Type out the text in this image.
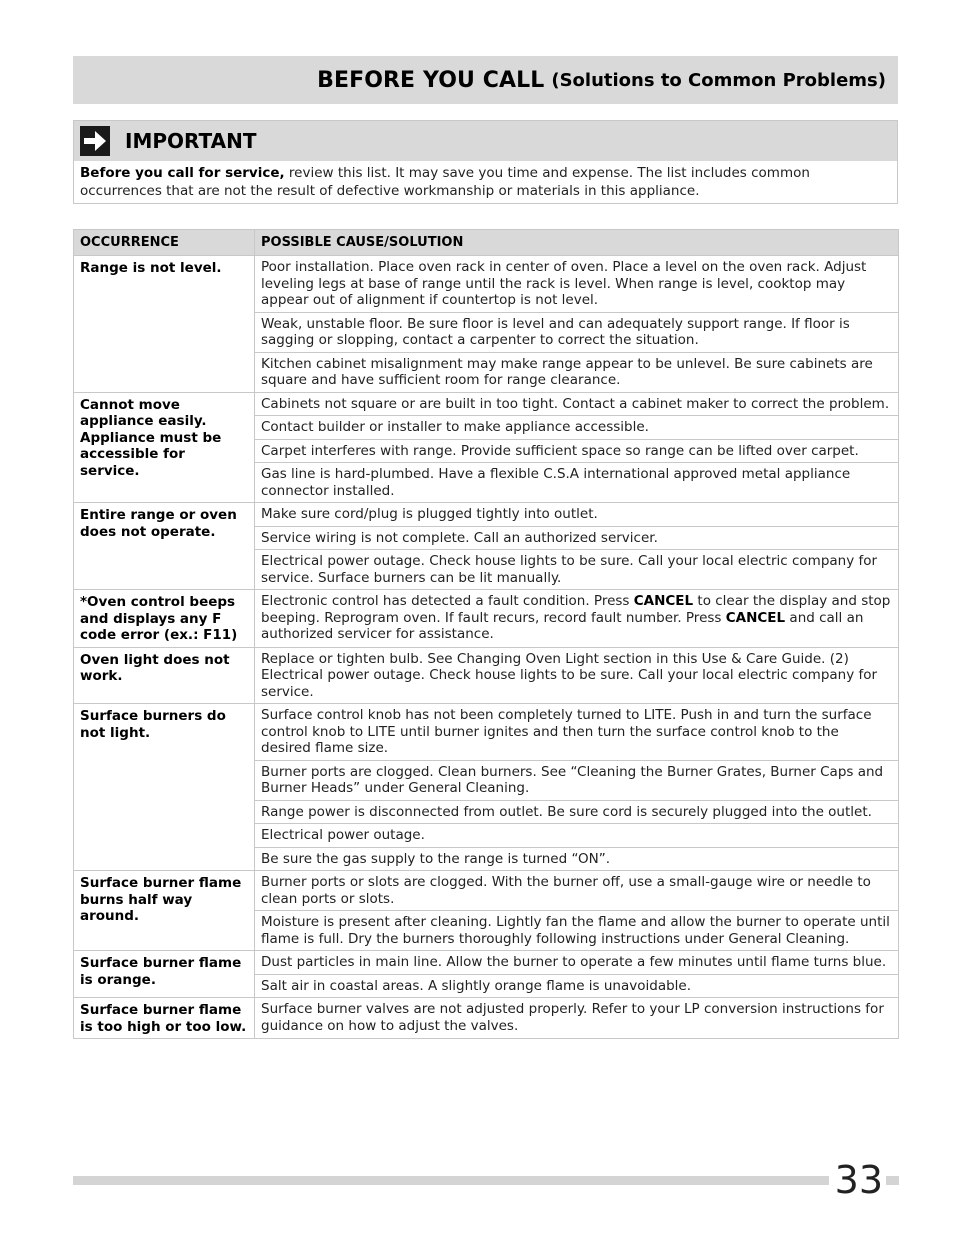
BEFORE YOU CALL (Solutions to Common Problems)
IMPORTANT
Before you call for service, review this list. It may save you time and expense. The list includes common occurrences that are not the result of defective workmanship or materials in this appliance.
OCCURRENCE	POSSIBLE CAUSE/SOLUTION
Range is not level.	Poor installation. Place oven rack in center of oven. Place a level on the oven rack. Adjust leveling legs at base of range until the rack is level. When range is level, cooktop may appear out of alignment if countertop is not level.
	Weak, unstable floor. Be sure floor is level and can adequately support range. If floor is sagging or slopping, contact a carpenter to correct the situation.
	Kitchen cabinet misalignment may make range appear to be unlevel. Be sure cabinets are square and have sufficient room for range clearance.
Cannot move appliance easily. Appliance must be accessible for service.	Cabinets not square or are built in too tight. Contact a cabinet maker to correct the problem.
	Contact builder or installer to make appliance accessible.
	Carpet interferes with range. Provide sufficient space so range can be lifted over carpet.
	Gas line is hard-plumbed. Have a flexible C.S.A international approved metal appliance connector installed.
Entire range or oven does not operate.	Make sure cord/plug is plugged tightly into outlet.
	Service wiring is not complete. Call an authorized servicer.
	Electrical power outage. Check house lights to be sure. Call your local electric company for service. Surface burners can be lit manually.
*Oven control beeps and displays any F code error (ex.: F11)	Electronic control has detected a fault condition. Press CANCEL to clear the display and stop beeping. Reprogram oven. If fault recurs, record fault number. Press CANCEL and call an authorized servicer for assistance.
Oven light does not work.	Replace or tighten bulb. See Changing Oven Light section in this Use & Care Guide. (2) Electrical power outage. Check house lights to be sure. Call your local electric company for service.
Surface burners do not light.	Surface control knob has not been completely turned to LITE. Push in and turn the surface control knob to LITE until burner ignites and then turn the surface control knob to the desired flame size.
	Burner ports are clogged. Clean burners. See “Cleaning the Burner Grates, Burner Caps and Burner Heads” under General Cleaning.
	Range power is disconnected from outlet. Be sure cord is securely plugged into the outlet.
	Electrical power outage.
	Be sure the gas supply to the range is turned “ON”.
Surface burner flame burns half way around.	Burner ports or slots are clogged. With the burner off, use a small-gauge wire or needle to clean ports or slots.
	Moisture is present after cleaning. Lightly fan the flame and allow the burner to operate until flame is full. Dry the burners thoroughly following instructions under General Cleaning.
Surface burner flame is orange.	Dust particles in main line. Allow the burner to operate a few minutes until flame turns blue.
	Salt air in coastal areas. A slightly orange flame is unavoidable.
Surface burner flame is too high or too low.	Surface burner valves are not adjusted properly. Refer to your LP conversion instructions for guidance on how to adjust the valves.
33
